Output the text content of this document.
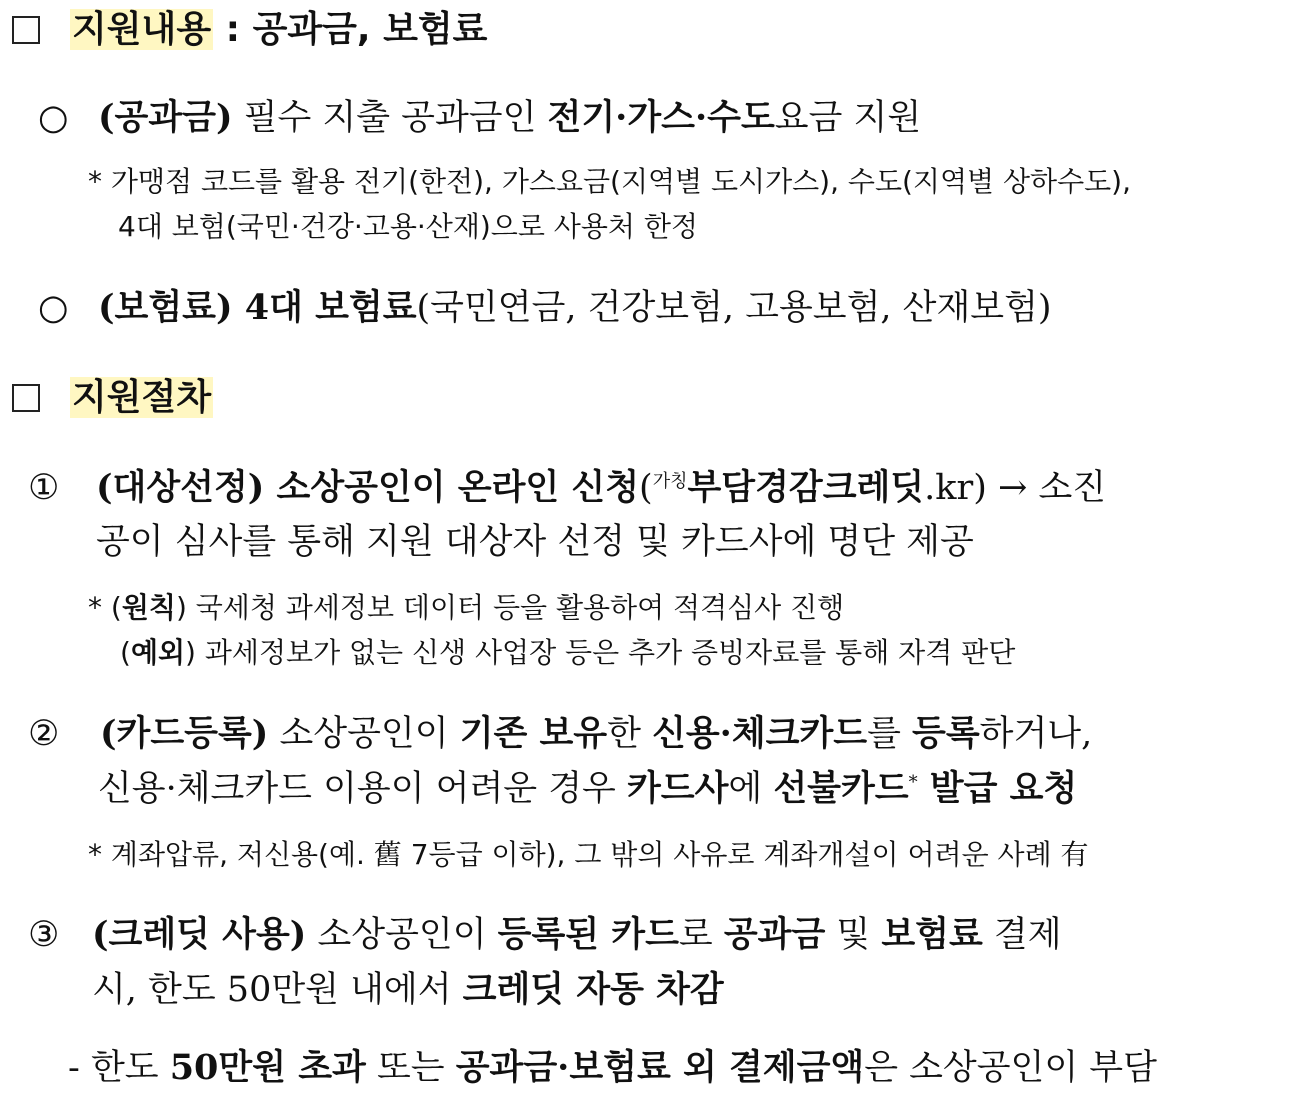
지원내용 : 공과금, 보험료
○ (공과금) 필수 지출 공과금인 전기·가스·수도요금 지원
* 가맹점 코드를 활용 전기(한전), 가스요금(지역별 도시가스), 수도(지역별 상하수도),
4대 보험(국민·건강·고용·산재)으로 사용처 한정
○ (보험료) 4대 보험료(국민연금, 건강보험, 고용보험, 산재보험)
지원절차
① (대상선정) 소상공인이 온라인 신청($^{가칭}$부담경감크레딧.kr) → 소진
공이 심사를 통해 지원 대상자 선정 및 카드사에 명단 제공
* (원칙) 국세청 과세정보 데이터 등을 활용하여 적격심사 진행
(예외) 과세정보가 없는 신생 사업장 등은 추가 증빙자료를 통해 자격 판단
② (카드등록) 소상공인이 기존 보유한 신용·체크카드를 등록하거나,
신용·체크카드 이용이 어려운 경우 카드사에 선불카드* 발급 요청
* 계좌압류, 저신용(예. 舊 7등급 이하), 그 밖의 사유로 계좌개설이 어려운 사례 有
③ (크레딧 사용) 소상공인이 등록된 카드로 공과금 및 보험료 결제
시, 한도 50만원 내에서 크레딧 자동 차감
- 한도 50만원 초과 또는 공과금·보험료 외 결제금액은 소상공인이 부담
